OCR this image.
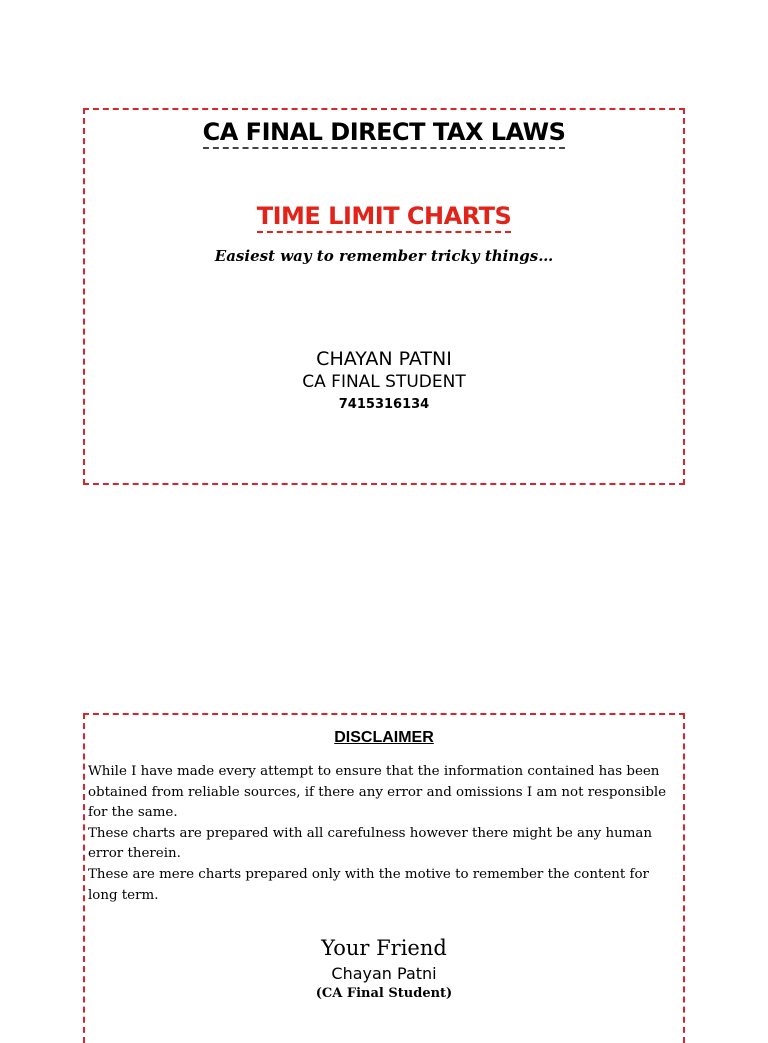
CA FINAL DIRECT TAX LAWS
TIME LIMIT CHARTS
Easiest way to remember tricky things…
CHAYAN PATNI
CA FINAL STUDENT
7415316134
DISCLAIMER

While I have made every attempt to ensure that the information contained has been obtained from reliable sources, if there any error and omissions I am not responsible for the same.

These charts are prepared with all carefulness however there might be any human error therein.

These are mere charts prepared only with the motive to remember the content for long term.

Your Friend
Chayan Patni
(CA Final Student)
